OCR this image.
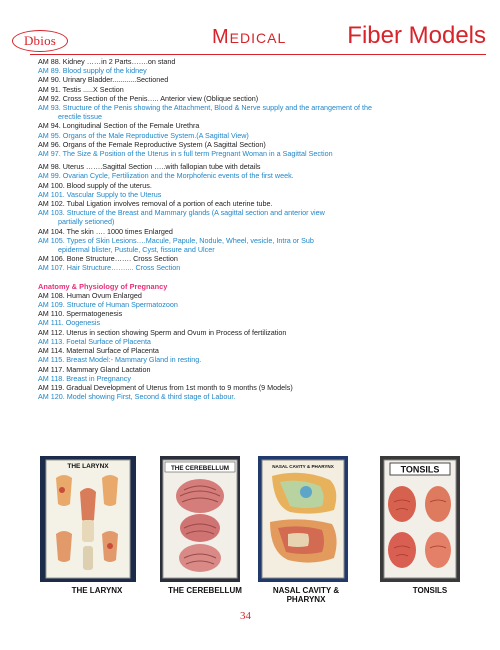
Dbios	Medical	Fiber Models
AM 88. Kidney ……in 2 Parts…….on stand
AM 89. Blood supply of the kidney
AM 90. Urinary Bladder............Sectioned
AM 91. Testis .....X Section
AM 92. Cross Section of the Penis….. Anterior view (Oblique section)
AM 93. Structure of the Penis showing the Attachment, Blood & Nerve supply and the arrangement of the
erectile tissue
AM 94. Longitudinal Section of the Female Urethra
AM 95. Organs of the Male Reproductive System.(A Sagittal View)
AM 96. Organs of the Female Reproductive System (A Sagittal Section)
AM 97. The Size & Position of the Uterus in s full term Pregnant Woman in a Sagittal Section
AM 98. Uterus …….Sagittal Section …..with fallopian tube with details
AM 99. Ovarian Cycle, Fertilization and the Morphofenic events of the first week.
AM 100. Blood supply of the uterus.
AM 101. Vascular Supply to the Uterus
AM 102. Tubal Ligation involves removal of a portion of each uterine tube.
AM 103. Structure of the Breast and Mammary glands (A sagittal section and anterior view
partially setioned)
AM 104. The skin …. 1000 times Enlarged
AM 105. Types of Skin Lesions….Macule, Papule, Nodule, Wheel, vesicle, Intra or Sub
epidermal blister, Pustule, Cyst, fissure and Ulcer
AM 106. Bone Structure……. Cross Section
AM 107. Hair Structure…….... Cross Section
Anatomy & Physiology of Pregnancy
AM 108. Human Ovum Enlarged
AM 109. Structure of Human Spermatozoon
AM 110. Spermatogenesis
AM 111. Oogenesis
AM 112. Uterus in section showing Sperm and Ovum in Process of fertilization
AM 113. Foetal Surface of Placenta
AM 114. Maternal Surface of Placenta
AM 115. Breast Model:- Mammary Gland in resting.
AM 117. Mammary Gland Lactation
AM 118. Breast in Pregnancy
AM 119. Gradual Development of Uterus from 1st month to 9 months (9 Models)
AM 120. Model showing First, Second & third stage of Labour.
THE LARYNX	THE CEREBELLUM	NASAL CAVITY & PHARYNX	TONSILS
THE LARYNX	THE CEREBELLUM	NASAL CAVITY &
PHARYNX
TONSILS
34
